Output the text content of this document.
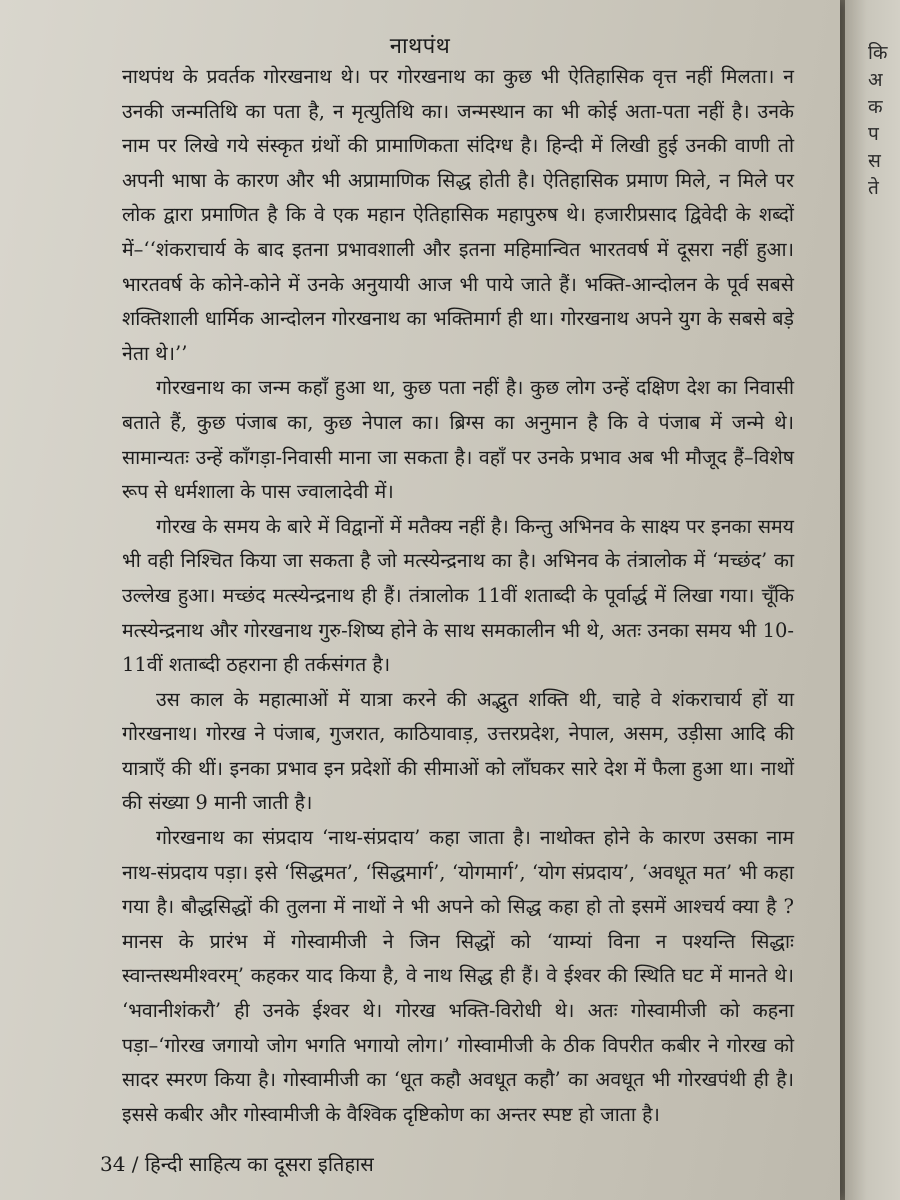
नाथपंथ

नाथपंथ के प्रवर्तक गोरखनाथ थे। पर गोरखनाथ का कुछ भी ऐतिहासिक वृत्त नहीं मिलता। न उनकी जन्मतिथि का पता है, न मृत्युतिथि का। जन्मस्थान का भी कोई अता-पता नहीं है। उनके नाम पर लिखे गये संस्कृत ग्रंथों की प्रामाणिकता संदिग्ध है। हिन्दी में लिखी हुई उनकी वाणी तो अपनी भाषा के कारण और भी अप्रामाणिक सिद्ध होती है। ऐतिहासिक प्रमाण मिले, न मिले पर लोक द्वारा प्रमाणित है कि वे एक महान ऐतिहासिक महापुरुष थे। हजारीप्रसाद द्विवेदी के शब्दों में–‘‘शंकराचार्य के बाद इतना प्रभावशाली और इतना महिमान्वित भारतवर्ष में दूसरा नहीं हुआ। भारतवर्ष के कोने-कोने में उनके अनुयायी आज भी पाये जाते हैं। भक्ति-आन्दोलन के पूर्व सबसे शक्तिशाली धार्मिक आन्दोलन गोरखनाथ का भक्तिमार्ग ही था। गोरखनाथ अपने युग के सबसे बड़े नेता थे।’’

गोरखनाथ का जन्म कहाँ हुआ था, कुछ पता नहीं है। कुछ लोग उन्हें दक्षिण देश का निवासी बताते हैं, कुछ पंजाब का, कुछ नेपाल का। ब्रिग्स का अनुमान है कि वे पंजाब में जन्मे थे। सामान्यतः उन्हें काँगड़ा-निवासी माना जा सकता है। वहाँ पर उनके प्रभाव अब भी मौजूद हैं–विशेष रूप से धर्मशाला के पास ज्वालादेवी में।

गोरख के समय के बारे में विद्वानों में मतैक्य नहीं है। किन्तु अभिनव के साक्ष्य पर इनका समय भी वही निश्चित किया जा सकता है जो मत्स्येन्द्रनाथ का है। अभिनव के तंत्रालोक में ‘मच्छंद’ का उल्लेख हुआ। मच्छंद मत्स्येन्द्रनाथ ही हैं। तंत्रालोक 11वीं शताब्दी के पूर्वार्द्ध में लिखा गया। चूँकि मत्स्येन्द्रनाथ और गोरखनाथ गुरु-शिष्य होने के साथ समकालीन भी थे, अतः उनका समय भी 10-11वीं शताब्दी ठहराना ही तर्कसंगत है।

उस काल के महात्माओं में यात्रा करने की अद्भुत शक्ति थी, चाहे वे शंकराचार्य हों या गोरखनाथ। गोरख ने पंजाब, गुजरात, काठियावाड़, उत्तरप्रदेश, नेपाल, असम, उड़ीसा आदि की यात्राएँ की थीं। इनका प्रभाव इन प्रदेशों की सीमाओं को लाँघकर सारे देश में फैला हुआ था। नाथों की संख्या 9 मानी जाती है।

गोरखनाथ का संप्रदाय ‘नाथ-संप्रदाय’ कहा जाता है। नाथोक्त होने के कारण उसका नाम नाथ-संप्रदाय पड़ा। इसे ‘सिद्धमत’, ‘सिद्धमार्ग’, ‘योगमार्ग’, ‘योग संप्रदाय’, ‘अवधूत मत’ भी कहा गया है। बौद्धसिद्धों की तुलना में नाथों ने भी अपने को सिद्ध कहा हो तो इसमें आश्चर्य क्या है ? मानस के प्रारंभ में गोस्वामीजी ने जिन सिद्धों को ‘याम्यां विना न पश्यन्ति सिद्धाः स्वान्तस्थमीश्वरम्’ कहकर याद किया है, वे नाथ सिद्ध ही हैं। वे ईश्वर की स्थिति घट में मानते थे। ‘भवानीशंकरौ’ ही उनके ईश्वर थे। गोरख भक्ति-विरोधी थे। अतः गोस्वामीजी को कहना पड़ा–‘गोरख जगायो जोग भगति भगायो लोग।’ गोस्वामीजी के ठीक विपरीत कबीर ने गोरख को सादर स्मरण किया है। गोस्वामीजी का ‘धूत कहौ अवधूत कहौ’ का अवधूत भी गोरखपंथी ही है। इससे कबीर और गोस्वामीजी के वैश्विक दृष्टिकोण का अन्तर स्पष्ट हो जाता है।

34 / हिन्दी साहित्य का दूसरा इतिहास
कि
अ
क
प
स
ते
